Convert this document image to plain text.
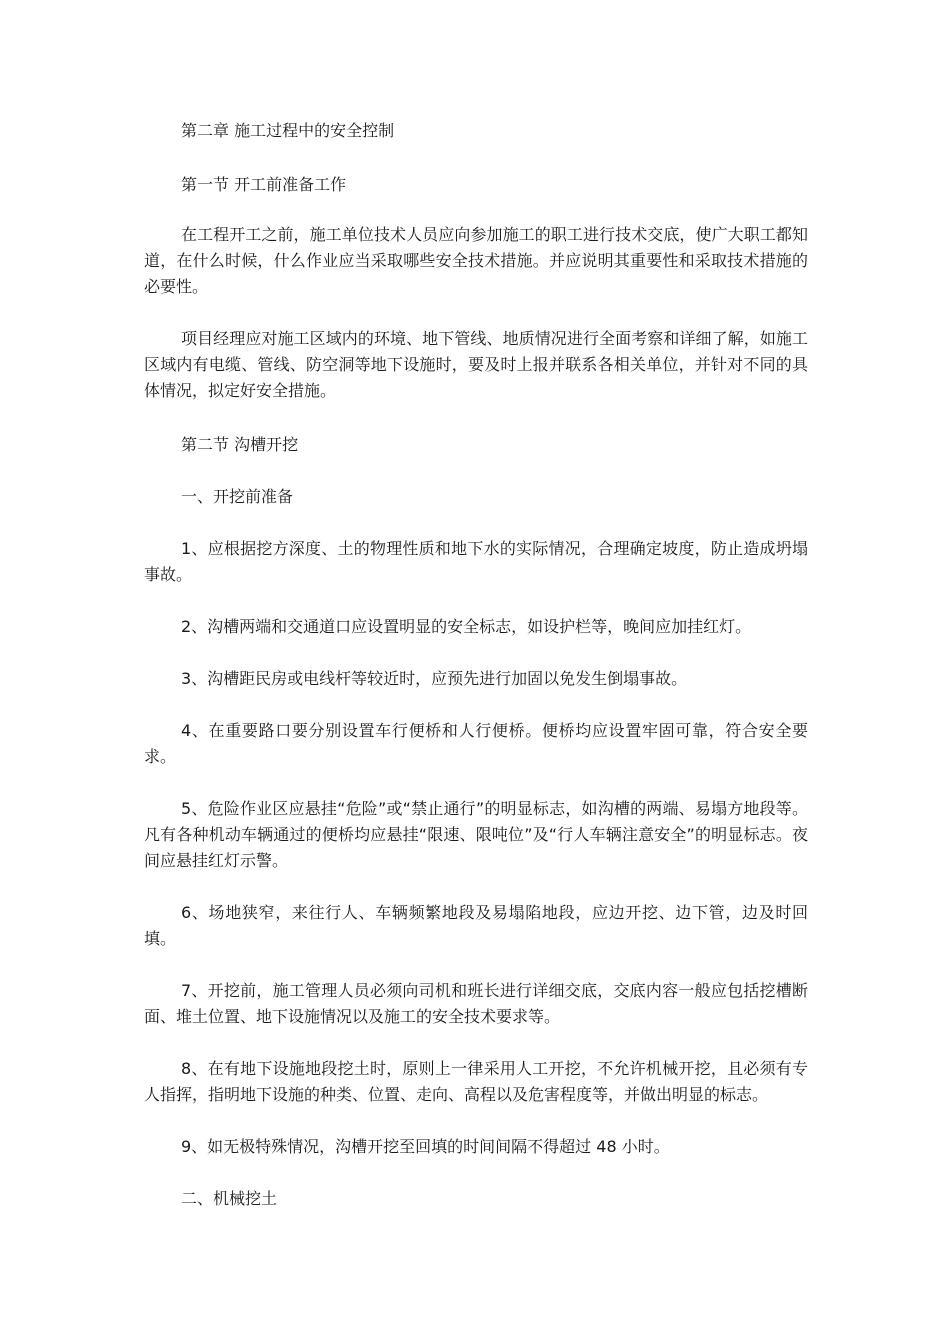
第二章 施工过程中的安全控制

第一节 开工前准备工作

在工程开工之前，施工单位技术人员应向参加施工的职工进行技术交底，使广大职工都知道，在什么时候，什么作业应当采取哪些安全技术措施。并应说明其重要性和采取技术措施的必要性。

项目经理应对施工区域内的环境、地下管线、地质情况进行全面考察和详细了解，如施工区域内有电缆、管线、防空洞等地下设施时，要及时上报并联系各相关单位，并针对不同的具体情况，拟定好安全措施。

第二节 沟槽开挖

一、开挖前准备

1、应根据挖方深度、土的物理性质和地下水的实际情况，合理确定坡度，防止造成坍塌事故。

2、沟槽两端和交通道口应设置明显的安全标志，如设护栏等，晚间应加挂红灯。

3、沟槽距民房或电线杆等较近时，应预先进行加固以免发生倒塌事故。

4、在重要路口要分别设置车行便桥和人行便桥。便桥均应设置牢固可靠，符合安全要求。

5、危险作业区应悬挂“危险”或“禁止通行”的明显标志，如沟槽的两端、易塌方地段等。凡有各种机动车辆通过的便桥均应悬挂“限速、限吨位”及“行人车辆注意安全”的明显标志。夜间应悬挂红灯示警。

6、场地狭窄，来往行人、车辆频繁地段及易塌陷地段，应边开挖、边下管，边及时回填。

7、开挖前，施工管理人员必须向司机和班长进行详细交底，交底内容一般应包括挖槽断面、堆土位置、地下设施情况以及施工的安全技术要求等。

8、在有地下设施地段挖土时，原则上一律采用人工开挖，不允许机械开挖，且必须有专人指挥，指明地下设施的种类、位置、走向、高程以及危害程度等，并做出明显的标志。

9、如无极特殊情况，沟槽开挖至回填的时间间隔不得超过 48 小时。

二、机械挖土
